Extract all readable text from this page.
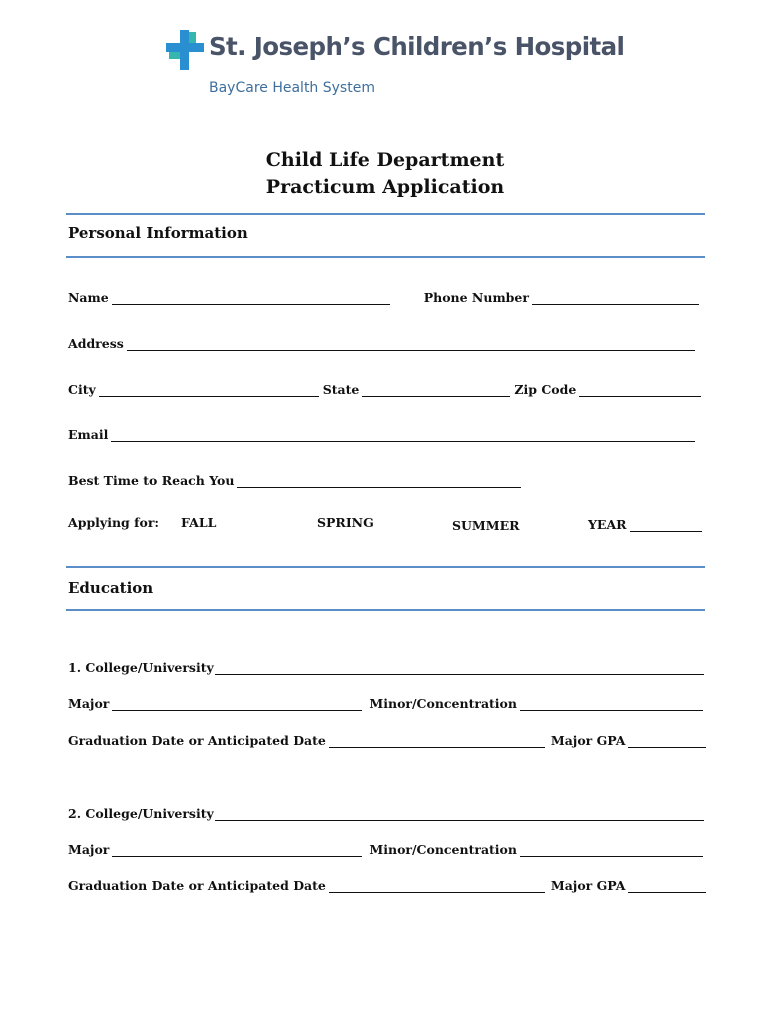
St. Joseph’s Children’s Hospital
BayCare Health System
Child Life Department
Practicum Application
Personal Information
Name	Phone Number
Address
City	State	Zip Code
Email
Best Time to Reach You
Applying for: FALL	SPRING	SUMMER	YEAR
Education
1. College/University
Major	Minor/Concentration
Graduation Date or Anticipated Date	Major GPA
2. College/University
Major	Minor/Concentration
Graduation Date or Anticipated Date	Major GPA
